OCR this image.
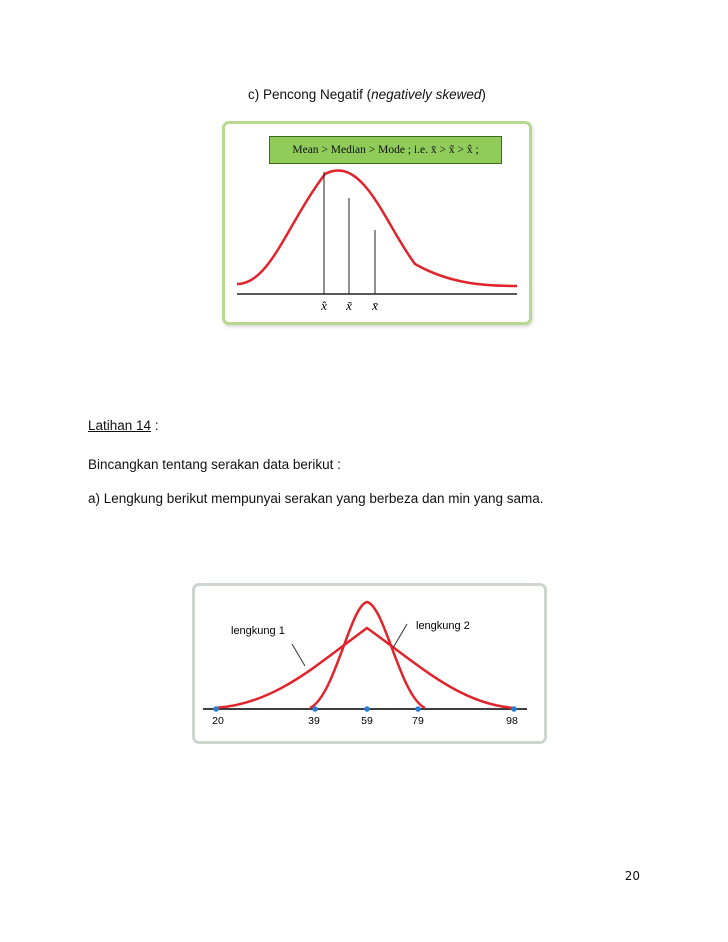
c) Pencong Negatif (negatively skewed)
Mean > Median > Mode ; i.e. x̄ > x̃ > x̂ ;
x̂ x̃ x̄
Latihan 14 :
Bincangkan tentang serakan data berikut :
a) Lengkung berikut mempunyai serakan yang berbeza dan min yang sama.
lengkung 1	lengkung 2
20	39	59	79	98
20
